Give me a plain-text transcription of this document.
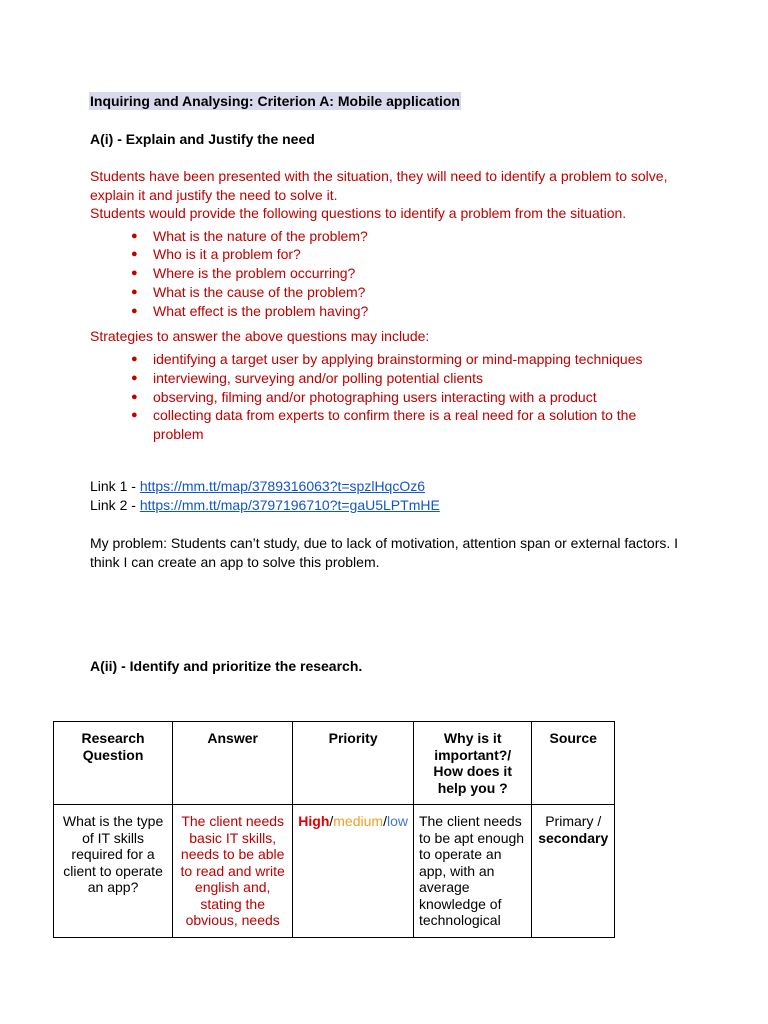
Inquiring and Analysing: Criterion A: Mobile application
A(i) - Explain and Justify the need

Students have been presented with the situation, they will need to identify a problem to solve, explain it and justify the need to solve it.

Students would provide the following questions to identify a problem from the situation.

● What is the nature of the problem?
● Who is it a problem for?
● Where is the problem occurring?
● What is the cause of the problem?
● What effect is the problem having?

Strategies to answer the above questions may include:

● identifying a target user by applying brainstorming or mind-mapping techniques
● interviewing, surveying and/or polling potential clients
● observing, filming and/or photographing users interacting with a product
● collecting data from experts to confirm there is a real need for a solution to the problem
Link 1 - https://mm.tt/map/3789316063?t=spzlHqcOz6
Link 2 - https://mm.tt/map/3797196710?t=gaU5LPTmHE

My problem: Students can’t study, due to lack of motivation, attention span or external factors. I think I can create an app to solve this problem.

A(ii) - Identify and prioritize the research.
Research Question	Answer	Priority	Why is it important?/ How does it help you ?	Source
What is the type of IT skills required for a client to operate an app?	The client needs basic IT skills, needs to be able to read and write english and, stating the obvious, needs	High/medium/low	The client needs to be apt enough to operate an app, with an average knowledge of technological	Primary /
secondary
